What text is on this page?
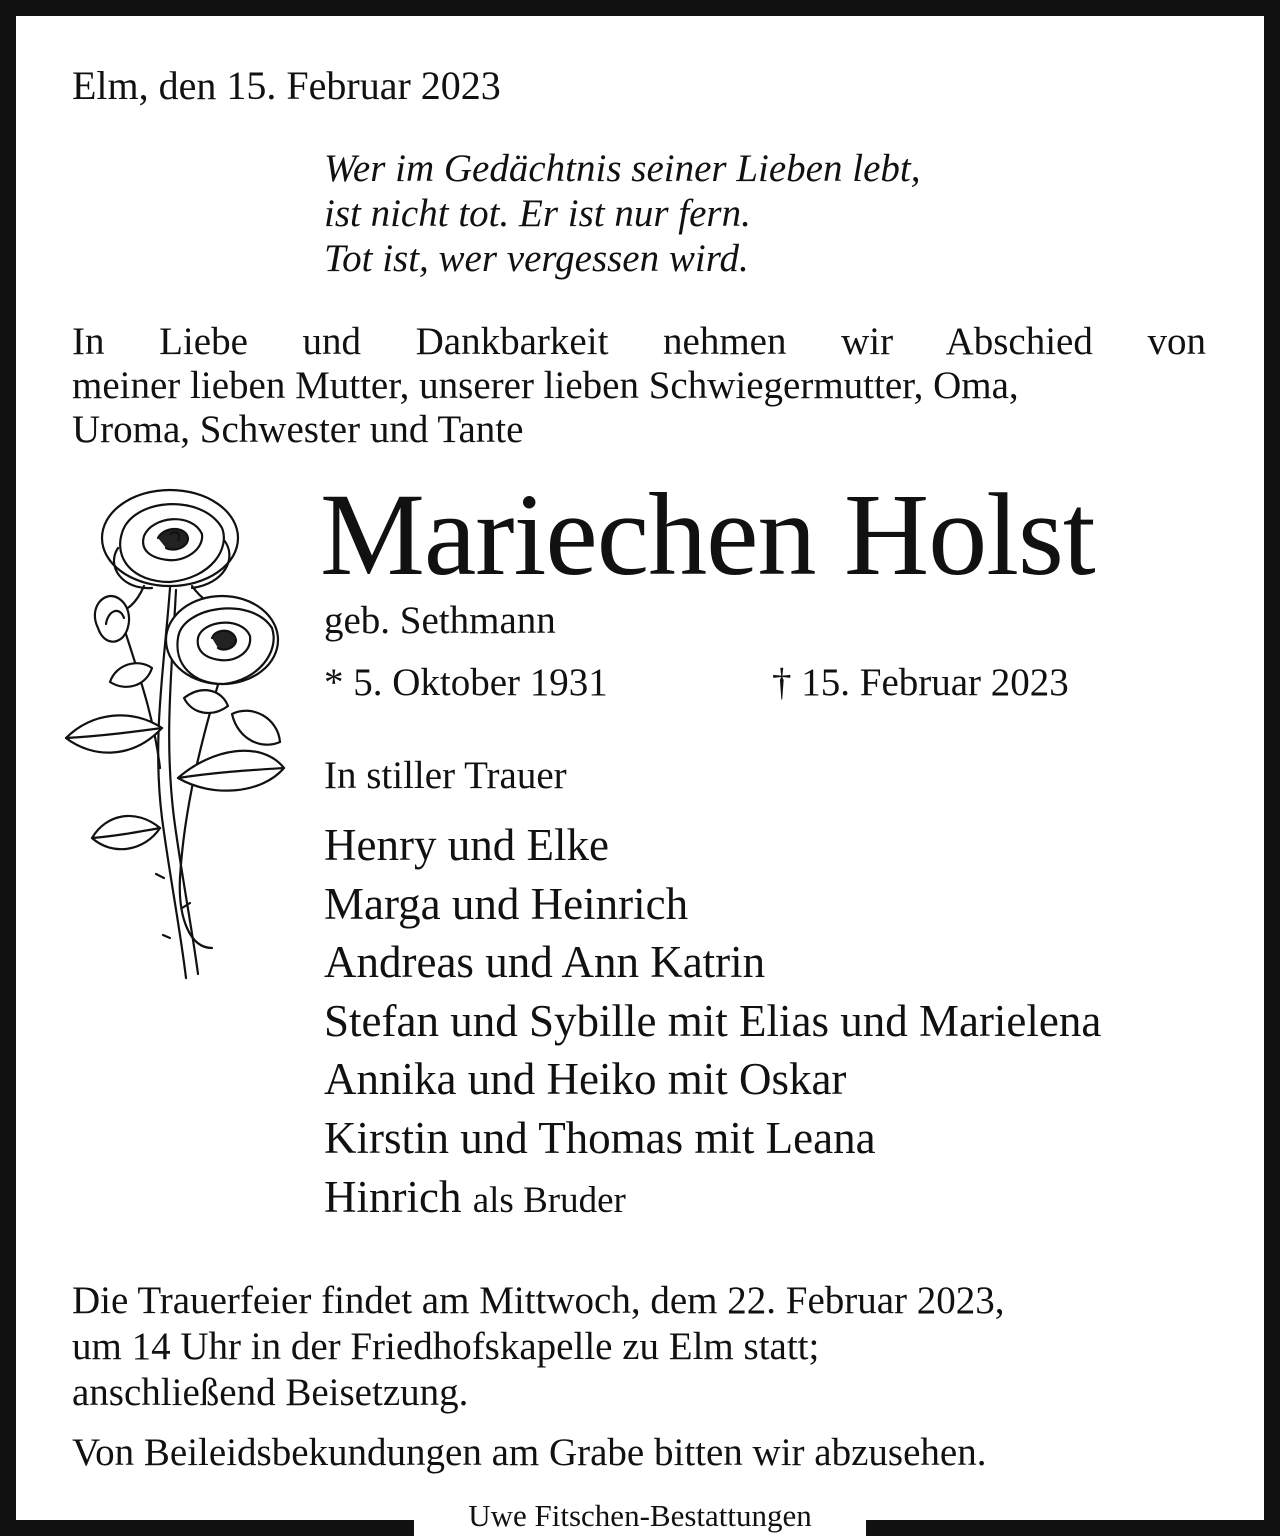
Elm, den 15. Februar 2023
Wer im Gedächtnis seiner Lieben lebt,
ist nicht tot. Er ist nur fern.
Tot ist, wer vergessen wird.
In Liebe und Dankbarkeit nehmen wir Abschied von
meiner lieben Mutter, unserer lieben Schwiegermutter, Oma,
Uroma, Schwester und Tante
Mariechen Holst
geb. Sethmann
* 5. Oktober 1931	† 15. Februar 2023
In stiller Trauer
Henry und Elke
Marga und Heinrich
Andreas und Ann Katrin
Stefan und Sybille mit Elias und Marielena
Annika und Heiko mit Oskar
Kirstin und Thomas mit Leana
Hinrich als Bruder
Die Trauerfeier findet am Mittwoch, dem 22. Februar 2023,
um 14 Uhr in der Friedhofskapelle zu Elm statt;
anschließend Beisetzung.
Von Beileidsbekundungen am Grabe bitten wir abzusehen.
Uwe Fitschen-Bestattungen
